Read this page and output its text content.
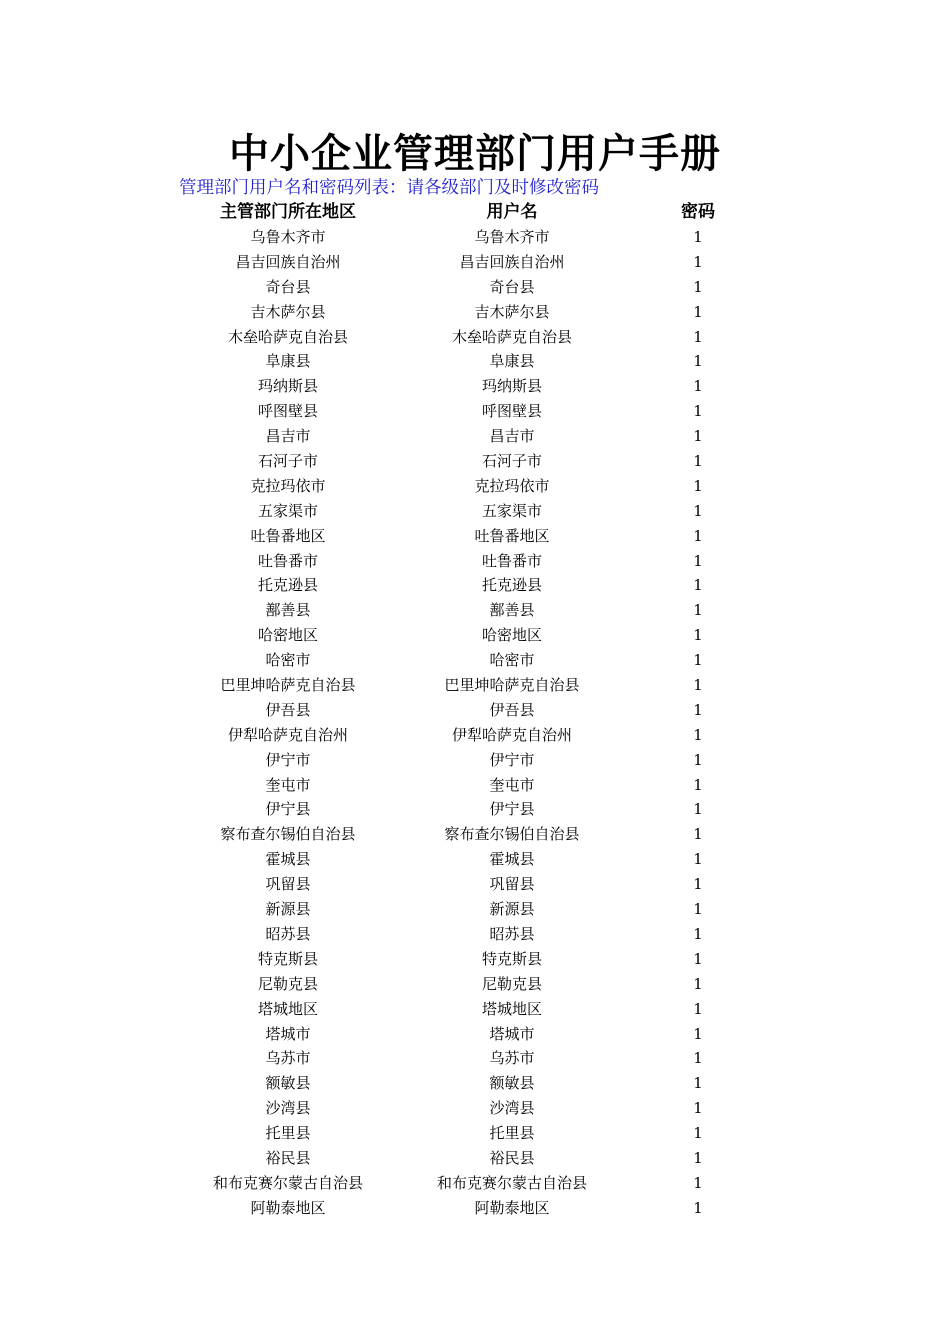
中小企业管理部门用户手册
管理部门用户名和密码列表：请各级部门及时修改密码
主管部门所在地区	用户名	密码
乌鲁木齐市	乌鲁木齐市	1
昌吉回族自治州	昌吉回族自治州	1
奇台县	奇台县	1
吉木萨尔县	吉木萨尔县	1
木垒哈萨克自治县	木垒哈萨克自治县	1
阜康县	阜康县	1
玛纳斯县	玛纳斯县	1
呼图壁县	呼图壁县	1
昌吉市	昌吉市	1
石河子市	石河子市	1
克拉玛依市	克拉玛依市	1
五家渠市	五家渠市	1
吐鲁番地区	吐鲁番地区	1
吐鲁番市	吐鲁番市	1
托克逊县	托克逊县	1
鄯善县	鄯善县	1
哈密地区	哈密地区	1
哈密市	哈密市	1
巴里坤哈萨克自治县	巴里坤哈萨克自治县	1
伊吾县	伊吾县	1
伊犁哈萨克自治州	伊犁哈萨克自治州	1
伊宁市	伊宁市	1
奎屯市	奎屯市	1
伊宁县	伊宁县	1
察布查尔锡伯自治县	察布查尔锡伯自治县	1
霍城县	霍城县	1
巩留县	巩留县	1
新源县	新源县	1
昭苏县	昭苏县	1
特克斯县	特克斯县	1
尼勒克县	尼勒克县	1
塔城地区	塔城地区	1
塔城市	塔城市	1
乌苏市	乌苏市	1
额敏县	额敏县	1
沙湾县	沙湾县	1
托里县	托里县	1
裕民县	裕民县	1
和布克赛尔蒙古自治县	和布克赛尔蒙古自治县	1
阿勒泰地区	阿勒泰地区	1
